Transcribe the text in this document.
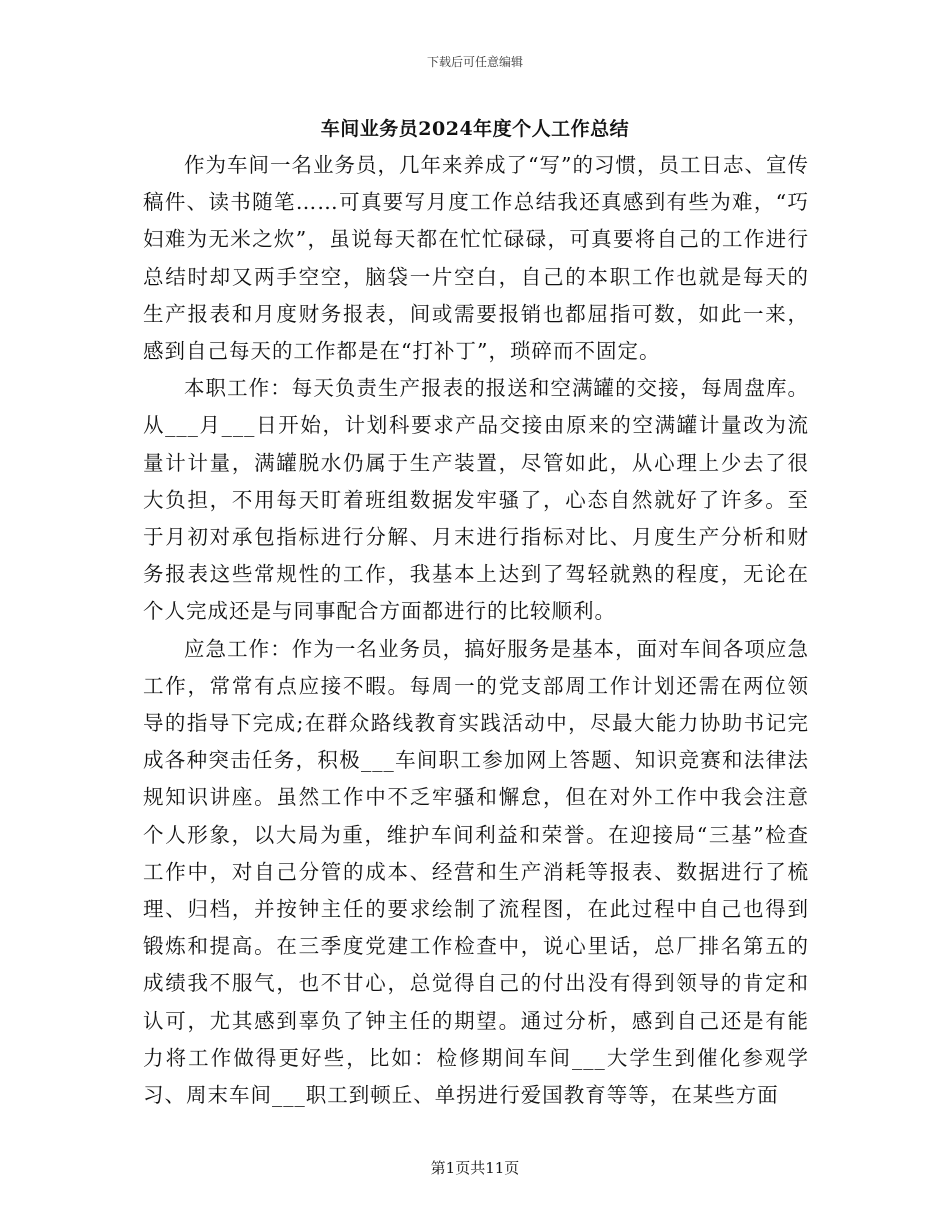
下载后可任意编辑
车间业务员2024年度个人工作总结

作为车间一名业务员，几年来养成了“写”的习惯，员工日志、宣传稿件、读书随笔……可真要写月度工作总结我还真感到有些为难，“巧妇难为无米之炊”，虽说每天都在忙忙碌碌，可真要将自己的工作进行总结时却又两手空空，脑袋一片空白，自己的本职工作也就是每天的生产报表和月度财务报表，间或需要报销也都屈指可数，如此一来，感到自己每天的工作都是在“打补丁”，琐碎而不固定。

本职工作：每天负责生产报表的报送和空满罐的交接，每周盘库。从___月___日开始，计划科要求产品交接由原来的空满罐计量改为流量计计量，满罐脱水仍属于生产装置，尽管如此，从心理上少去了很大负担，不用每天盯着班组数据发牢骚了，心态自然就好了许多。至于月初对承包指标进行分解、月末进行指标对比、月度生产分析和财务报表这些常规性的工作，我基本上达到了驾轻就熟的程度，无论在个人完成还是与同事配合方面都进行的比较顺利。

应急工作：作为一名业务员，搞好服务是基本，面对车间各项应急工作，常常有点应接不暇。每周一的党支部周工作计划还需在两位领导的指导下完成;在群众路线教育实践活动中，尽最大能力协助书记完成各种突击任务，积极___车间职工参加网上答题、知识竞赛和法律法规知识讲座。虽然工作中不乏牢骚和懈怠，但在对外工作中我会注意个人形象，以大局为重，维护车间利益和荣誉。在迎接局“三基”检查工作中，对自己分管的成本、经营和生产消耗等报表、数据进行了梳理、归档，并按钟主任的要求绘制了流程图，在此过程中自己也得到锻炼和提高。在三季度党建工作检查中，说心里话，总厂排名第五的成绩我不服气，也不甘心，总觉得自己的付出没有得到领导的肯定和认可，尤其感到辜负了钟主任的期望。通过分析，感到自己还是有能力将工作做得更好些，比如：检修期间车间___大学生到催化参观学习、周末车间___职工到顿丘、单拐进行爱国教育等等，在某些方面

第1页共11页
